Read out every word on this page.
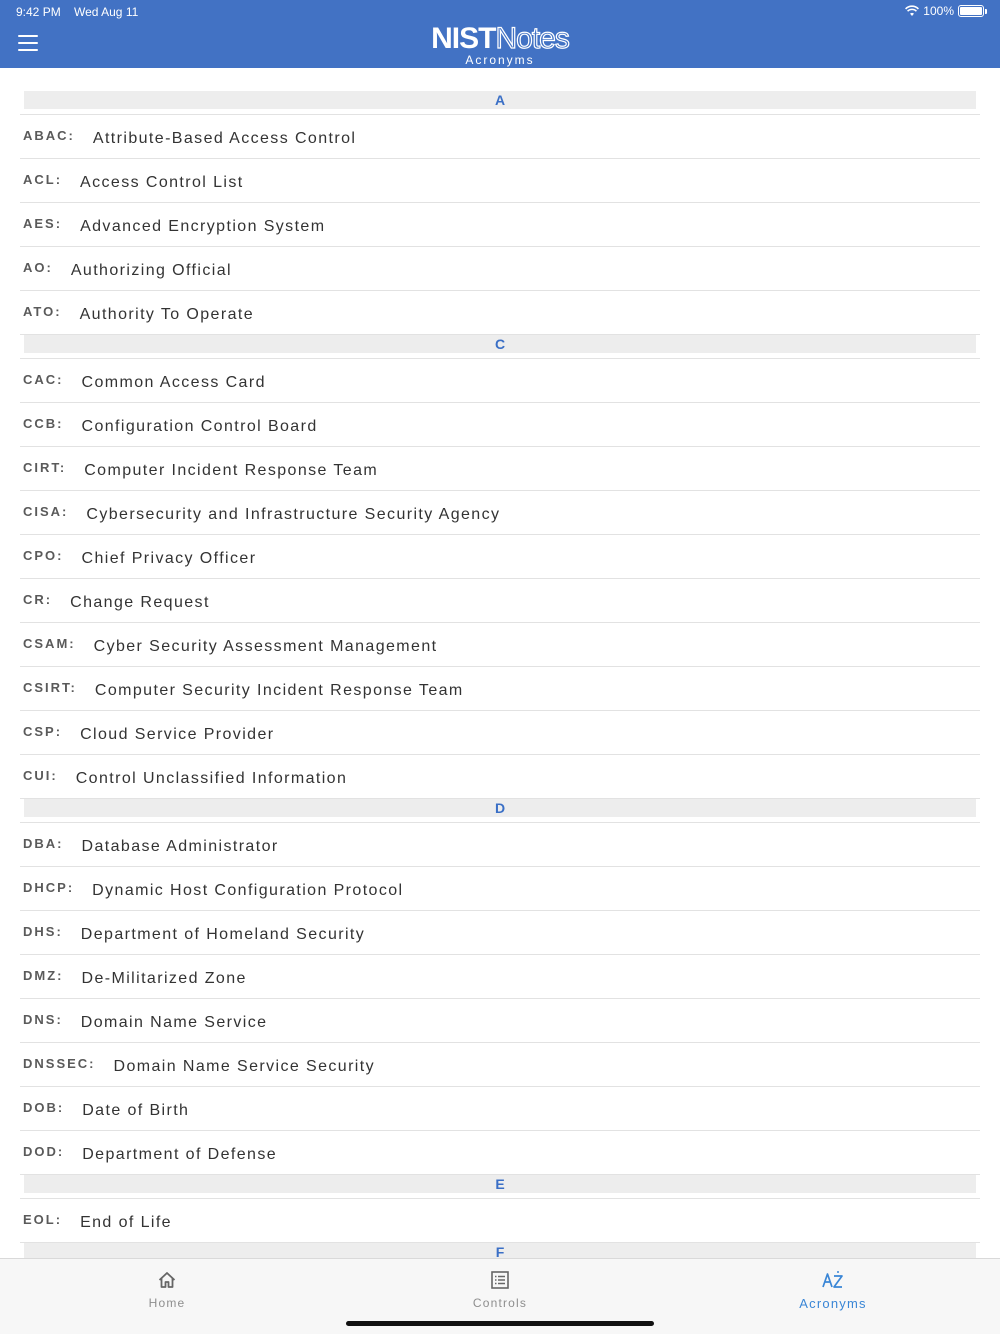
9:42 PM Wed Aug 11	100%
NISTNotes
Acronyms
A
ABAC: Attribute-Based Access Control
ACL: Access Control List
AES: Advanced Encryption System
AO: Authorizing Official
ATO: Authority To Operate
C
CAC: Common Access Card
CCB: Configuration Control Board
CIRT: Computer Incident Response Team
CISA: Cybersecurity and Infrastructure Security Agency
CPO: Chief Privacy Officer
CR: Change Request
CSAM: Cyber Security Assessment Management
CSIRT: Computer Security Incident Response Team
CSP: Cloud Service Provider
CUI: Control Unclassified Information
D
DBA: Database Administrator
DHCP: Dynamic Host Configuration Protocol
DHS: Department of Homeland Security
DMZ: De-Militarized Zone
DNS: Domain Name Service
DNSSEC: Domain Name Service Security
DOB: Date of Birth
DOD: Department of Defense
E
EOL: End of Life
F
Home	Controls	Acronyms
